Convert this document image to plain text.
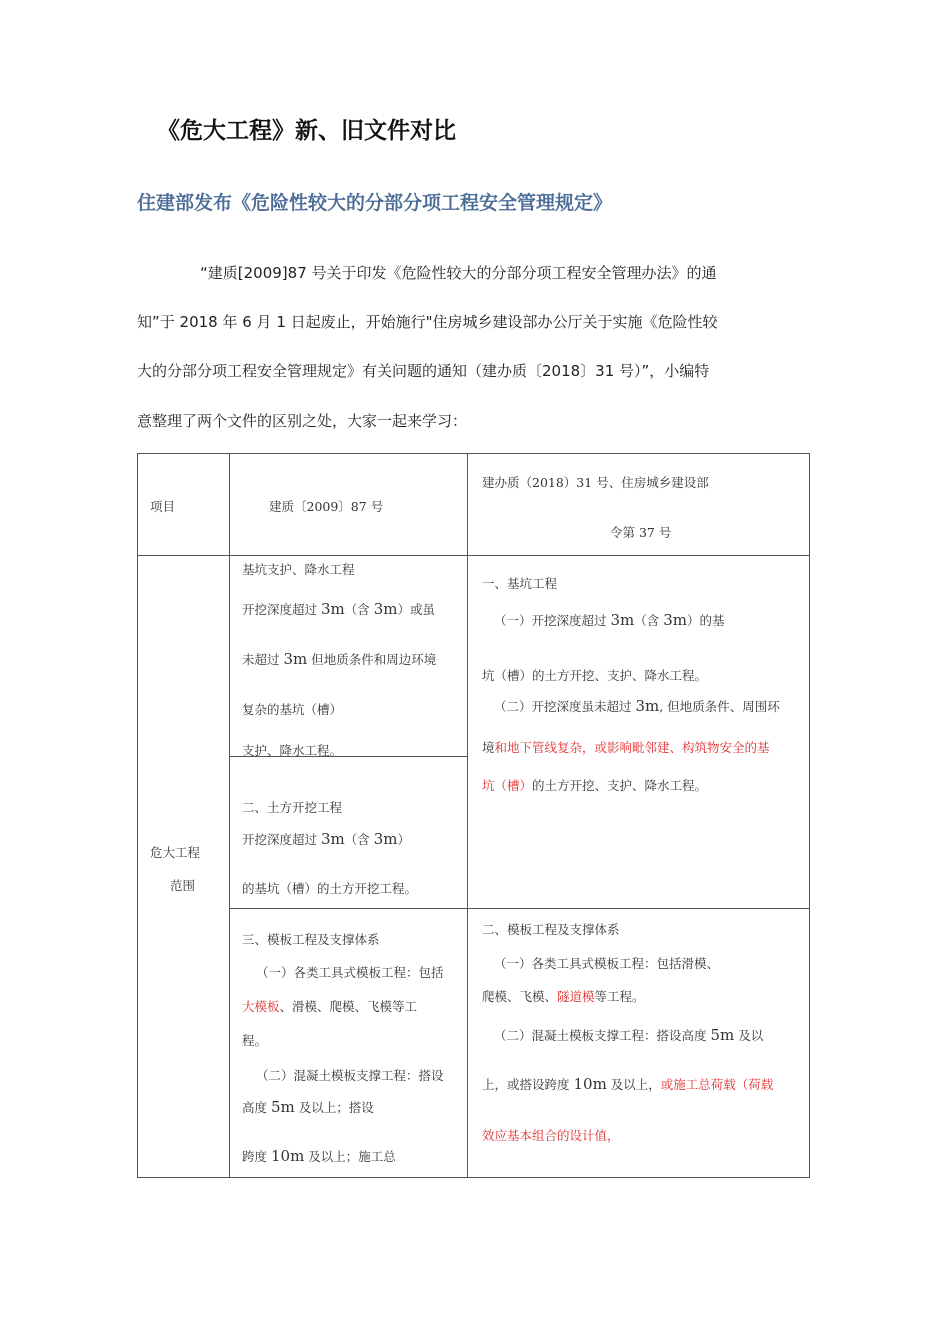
《危大工程》新、旧文件对比
住建部发布《危险性较大的分部分项工程安全管理规定》

“建质[2009]87 号关于印发《危险性较大的分部分项工程安全管理办法》的通

知”于 2018 年 6 月 1 日起废止，开始施行"住房城乡建设部办公厅关于实施《危险性较

大的分部分项工程安全管理规定》有关问题的通知（建办质〔2018〕31 号）”，小编特

意整理了两个文件的区别之处，大家一起来学习：

项目	建质〔2009〕87 号

建办质（2018）31 号、住房城乡建设部

令第 37 号

危大工程

范围

基坑支护、降水工程

开挖深度超过 3m（含 3m）或虽

未超过 3m 但地质条件和周边环境

复杂的基坑（槽）

支护、降水工程。

二、土方开挖工程

开挖深度超过 3m（含 3m）

的基坑（槽）的土方开挖工程。

三、模板工程及支撑体系

（一）各类工具式模板工程：包括

大模板、滑模、爬模、飞模等工

程。

（二）混凝土模板支撑工程：搭设

高度 5m 及以上；搭设

跨度 10m 及以上；施工总

一、基坑工程

（一）开挖深度超过 3m（含 3m）的基

坑（槽）的土方开挖、支护、降水工程。

（二）开挖深度虽未超过 3m, 但地质条件、周围环

境和地下管线复杂，或影响毗邻建、构筑物安全的基

坑（槽）的土方开挖、支护、降水工程。

二、模板工程及支撑体系

（一）各类工具式模板工程：包括滑模、

爬模、飞模、隧道模等工程。

（二）混凝土模板支撑工程：搭设高度 5m 及以

上，或搭设跨度 10m 及以上，或施工总荷载（荷载

效应基本组合的设计值，
